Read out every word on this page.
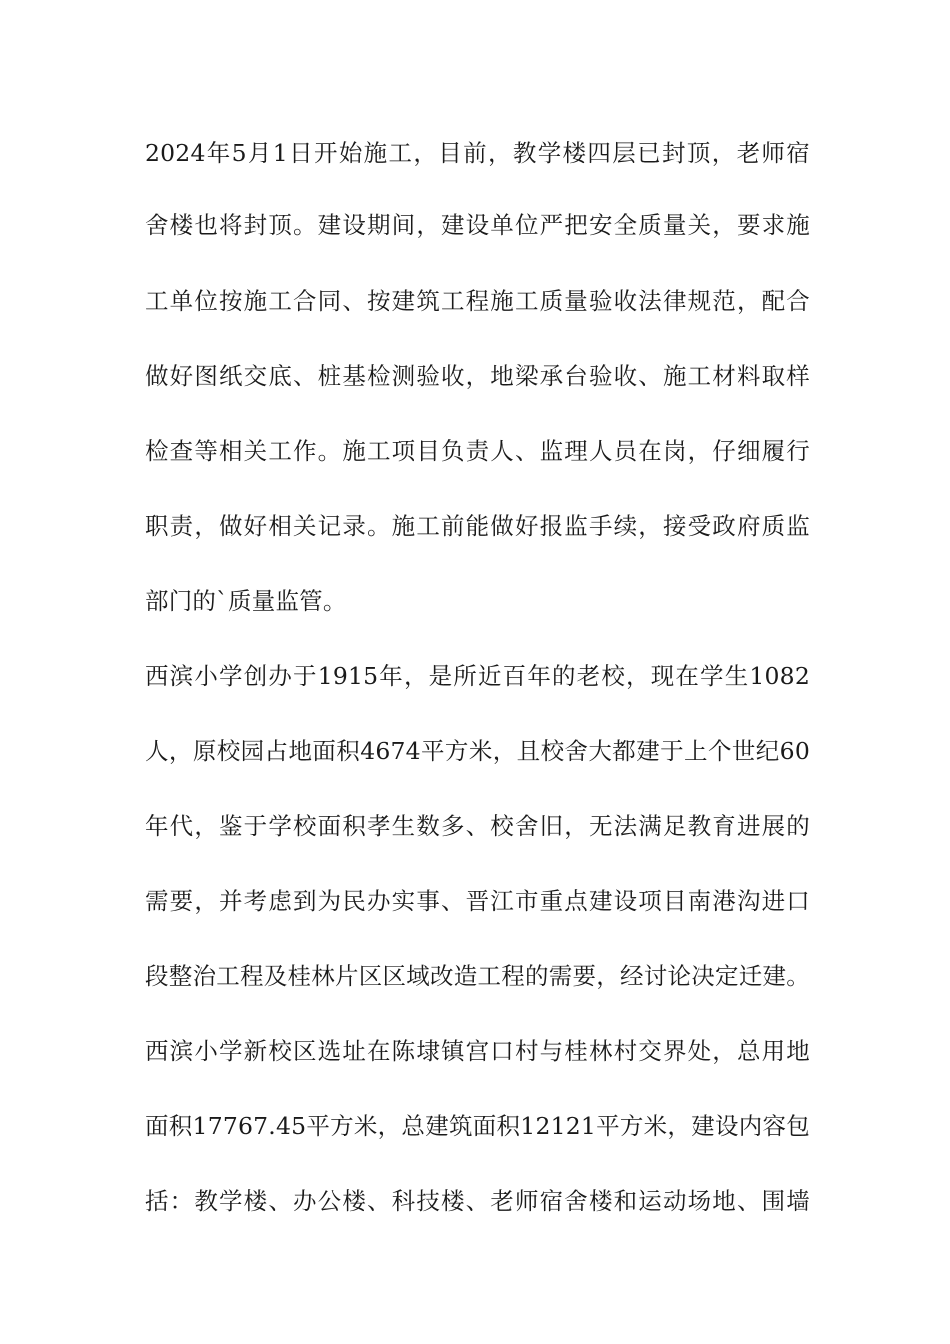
2024年5月1日开始施工，目前，教学楼四层已封顶，老师宿
舍楼也将封顶。建设期间，建设单位严把安全质量关，要求施
工单位按施工合同、按建筑工程施工质量验收法律规范，配合
做好图纸交底、桩基检测验收，地梁承台验收、施工材料取样
检查等相关工作。施工项目负责人、监理人员在岗，仔细履行
职责，做好相关记录。施工前能做好报监手续，接受政府质监
部门的`质量监管。
西滨小学创办于1915年，是所近百年的老校，现在学生1082
人，原校园占地面积4674平方米，且校舍大都建于上个世纪60
年代，鉴于学校面积孝生数多、校舍旧，无法满足教育进展的
需要，并考虑到为民办实事、晋江市重点建设项目南港沟进口
段整治工程及桂林片区区域改造工程的需要，经讨论决定迁建。
西滨小学新校区选址在陈埭镇宫口村与桂林村交界处，总用地
面积17767.45平方米，总建筑面积12121平方米，建设内容包
括：教学楼、办公楼、科技楼、老师宿舍楼和运动场地、围墙
